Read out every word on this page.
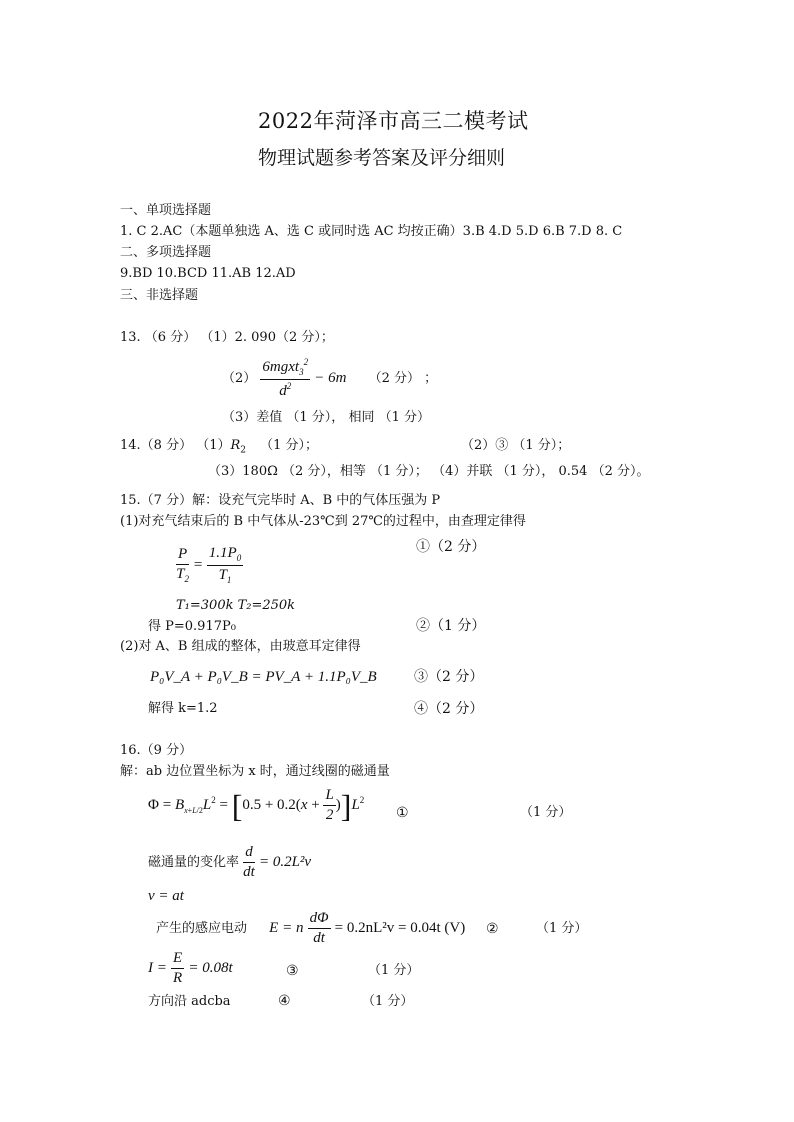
2022年菏泽市高三二模考试
物理试题参考答案及评分细则
一、单项选择题
1. C 2.AC（本题单独选 A、选 C 或同时选 AC 均按正确）3.B 4.D 5.D 6.B 7.D 8. C
二、多项选择题
9.BD 10.BCD 11.AB 12.AD
三、非选择题
13. （6 分） （1）2. 090（2 分）；
$(2) \frac{6mgxt_3^2}{d^2} - 6m$ （2 分） ；
（3）差值 （1 分）， 相同 （1 分）
14.（8 分） $(1)R_2$ （1 分）；	（2）③ （1 分）；
（3）180Ω （2 分），相等 （1 分）； （4）并联 （1 分）， 0.54 （2 分）。
15.（7 分）解：设充气完毕时 A、B 中的气体压强为 P
(1)对充气结束后的 B 中气体从-23℃到 27℃的过程中，由查理定律得
$\frac{P}{T_2} = \frac{1.1P_0}{T_1}$	①（2 分）
T₁=300k T₂=250k
得 P=0.917P₀	②（1 分）
(2)对 A、B 组成的整体，由玻意耳定律得
P₀V_A + P₀V_B = PV_A + 1.1P₀V_B	③（2 分）
解得 k=1.2	④（2 分）
16.（9 分）
解：ab 边位置坐标为 x 时，通过线圈的磁通量
$\Phi = B_{x+L/2}L^2 = [0.5 + 0.2(x + \frac{L}{2} )]L^2$
①	（1 分）
磁通量的变化率 $\frac{d}{dt} = 0.2L^2v$
v = at
产生的感应电动 E = n $\frac{d\Phi}{dt} = 0.2nL^2v = 0.04t$ (V) ②	（1 分）
$I = \frac{E}{R} = 0.08t$	③	（1 分）
方向沿 adcba	④	（1 分）
